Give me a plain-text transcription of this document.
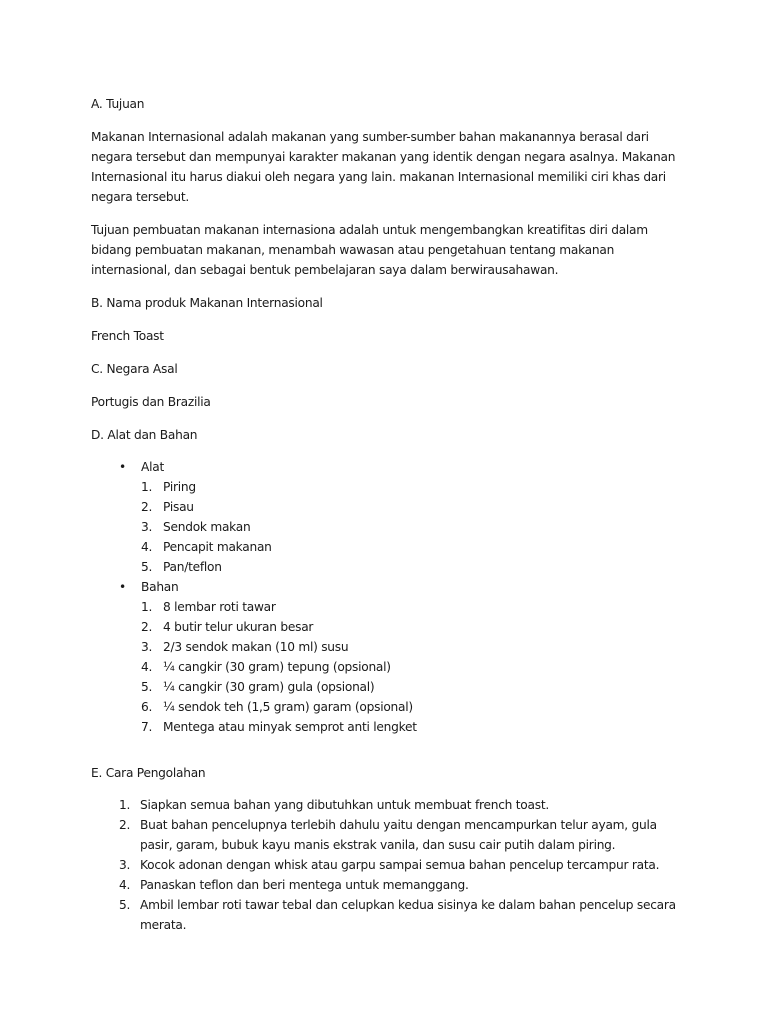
A. Tujuan

Makanan Internasional adalah makanan yang sumber-sumber bahan makanannya berasal dari negara tersebut dan mempunyai karakter makanan yang identik dengan negara asalnya. Makanan Internasional itu harus diakui oleh negara yang lain. makanan Internasional memiliki ciri khas dari negara tersebut.

Tujuan pembuatan makanan internasiona adalah untuk mengembangkan kreatifitas diri dalam bidang pembuatan makanan, menambah wawasan atau pengetahuan tentang makanan internasional, dan sebagai bentuk pembelajaran saya dalam berwirausahawan.

B. Nama produk Makanan Internasional

French Toast

C. Negara Asal

Portugis dan Brazilia

D. Alat dan Bahan

•	Alat
1. Piring
2. Pisau
3. Sendok makan
4. Pencapit makanan
5. Pan/teflon
•	Bahan
1. 8 lembar roti tawar
2. 4 butir telur ukuran besar
3. 2/3 sendok makan (10 ml) susu
4. ¼ cangkir (30 gram) tepung (opsional)
5. ¼ cangkir (30 gram) gula (opsional)
6. ¼ sendok teh (1,5 gram) garam (opsional)
7. Mentega atau minyak semprot anti lengket

E. Cara Pengolahan

1. Siapkan semua bahan yang dibutuhkan untuk membuat french toast.
2. Buat bahan pencelupnya terlebih dahulu yaitu dengan mencampurkan telur ayam, gula pasir, garam, bubuk kayu manis ekstrak vanila, dan susu cair putih dalam piring.
3. Kocok adonan dengan whisk atau garpu sampai semua bahan pencelup tercampur rata.
4. Panaskan teflon dan beri mentega untuk memanggang.
5. Ambil lembar roti tawar tebal dan celupkan kedua sisinya ke dalam bahan pencelup secara merata.
